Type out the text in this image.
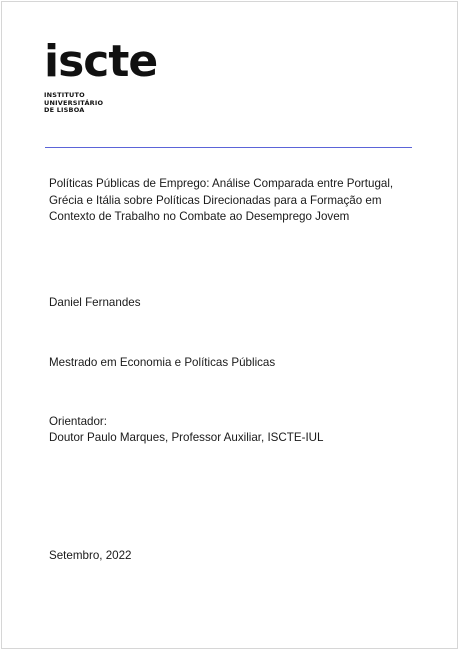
iscte
INSTITUTO
UNIVERSITÁRIO
DE LISBOA
Políticas Públicas de Emprego: Análise Comparada entre Portugal,
Grécia e Itália sobre Políticas Direcionadas para a Formação em
Contexto de Trabalho no Combate ao Desemprego Jovem
Daniel Fernandes
Mestrado em Economia e Políticas Públicas
Orientador:
Doutor Paulo Marques, Professor Auxiliar, ISCTE-IUL
Setembro, 2022
